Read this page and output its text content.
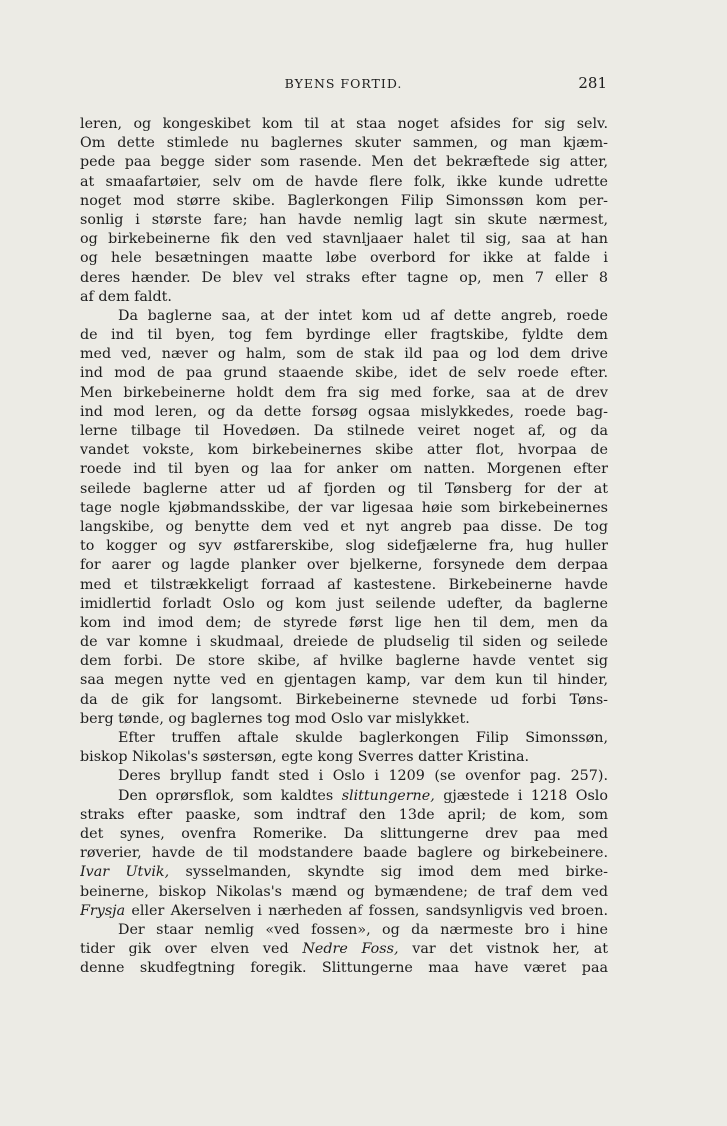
BYENS FORTID.	281
leren, og kongeskibet kom til at staa noget afsides for sig selv.
Om dette stimlede nu baglernes skuter sammen, og man kjæm-
pede paa begge sider som rasende. Men det bekræftede sig atter,
at smaafartøier, selv om de havde flere folk, ikke kunde udrette
noget mod større skibe. Baglerkongen Filip Simonssøn kom per-
sonlig i største fare; han havde nemlig lagt sin skute nærmest,
og birkebeinerne fik den ved stavnljaaer halet til sig, saa at han
og hele besætningen maatte løbe overbord for ikke at falde i
deres hænder. De blev vel straks efter tagne op, men 7 eller 8
af dem faldt.
Da baglerne saa, at der intet kom ud af dette angreb, roede
de ind til byen, tog fem byrdinge eller fragtskibe, fyldte dem
med ved, næver og halm, som de stak ild paa og lod dem drive
ind mod de paa grund staaende skibe, idet de selv roede efter.
Men birkebeinerne holdt dem fra sig med forke, saa at de drev
ind mod leren, og da dette forsøg ogsaa mislykkedes, roede bag-
lerne tilbage til Hovedøen. Da stilnede veiret noget af, og da
vandet vokste, kom birkebeinernes skibe atter flot, hvorpaa de
roede ind til byen og laa for anker om natten. Morgenen efter
seilede baglerne atter ud af fjorden og til Tønsberg for der at
tage nogle kjøbmandsskibe, der var ligesaa høie som birkebeinernes
langskibe, og benytte dem ved et nyt angreb paa disse. De tog
to kogger og syv østfarerskibe, slog sidefjælerne fra, hug huller
for aarer og lagde planker over bjelkerne, forsynede dem derpaa
med et tilstrækkeligt forraad af kastestene. Birkebeinerne havde
imidlertid forladt Oslo og kom just seilende udefter, da baglerne
kom ind imod dem; de styrede først lige hen til dem, men da
de var komne i skudmaal, dreiede de pludselig til siden og seilede
dem forbi. De store skibe, af hvilke baglerne havde ventet sig
saa megen nytte ved en gjentagen kamp, var dem kun til hinder,
da de gik for langsomt. Birkebeinerne stevnede ud forbi Tøns-
berg tønde, og baglernes tog mod Oslo var mislykket.
Efter truffen aftale skulde baglerkongen Filip Simonssøn,
biskop Nikolas's søstersøn, egte kong Sverres datter Kristina.
Deres bryllup fandt sted i Oslo i 1209 (se ovenfor pag. 257).
Den oprørsflok, som kaldtes slittungerne, gjæstede i 1218 Oslo
straks efter paaske, som indtraf den 13de april; de kom, som
det synes, ovenfra Romerike. Da slittungerne drev paa med
røverier, havde de til modstandere baade baglere og birkebeinere.
Ivar Utvik, sysselmanden, skyndte sig imod dem med birke-
beinerne, biskop Nikolas's mænd og bymændene; de traf dem ved
Frysja eller Akerselven i nærheden af fossen, sandsynligvis ved broen.
Der staar nemlig «ved fossen», og da nærmeste bro i hine
tider gik over elven ved Nedre Foss, var det vistnok her, at
denne skudfegtning foregik. Slittungerne maa have været paa
